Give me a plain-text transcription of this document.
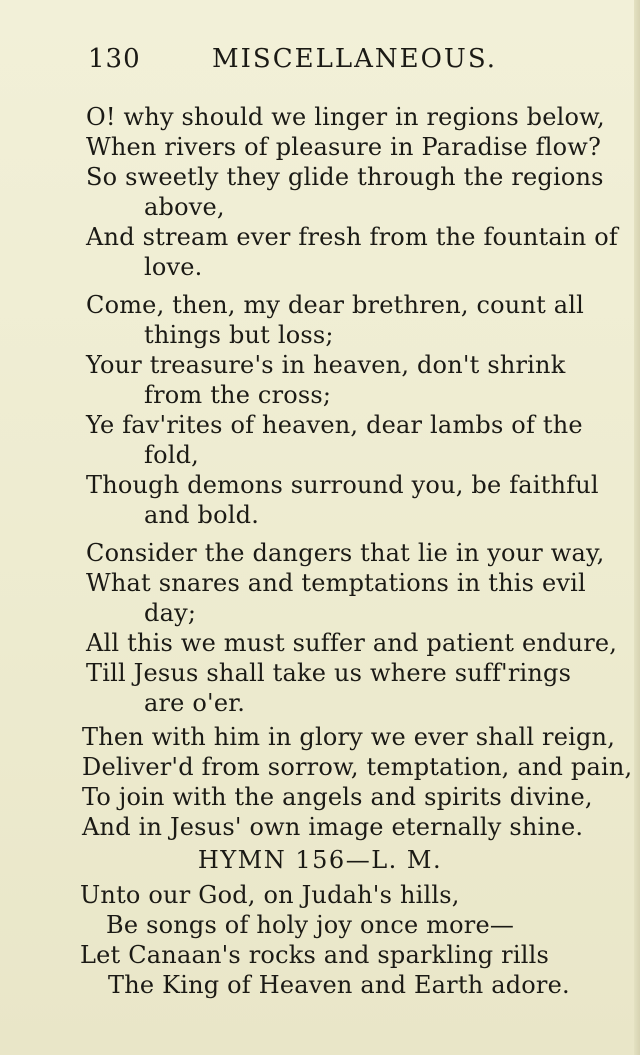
130	MISCELLANEOUS.
O! why should we linger in regions below,
When rivers of pleasure in Paradise flow?
So sweetly they glide through the regions
above,
And stream ever fresh from the fountain of
love.
Come, then, my dear brethren, count all
things but loss;
Your treasure's in heaven, don't shrink
from the cross;
Ye fav'rites of heaven, dear lambs of the
fold,
Though demons surround you, be faithful
and bold.
Consider the dangers that lie in your way,
What snares and temptations in this evil
day;
All this we must suffer and patient endure,
Till Jesus shall take us where suff'rings
are o'er.
Then with him in glory we ever shall reign,
Deliver'd from sorrow, temptation, and pain,
To join with the angels and spirits divine,
And in Jesus' own image eternally shine.
HYMN 156—L. M.
Unto our God, on Judah's hills,
Be songs of holy joy once more—
Let Canaan's rocks and sparkling rills
The King of Heaven and Earth adore.
